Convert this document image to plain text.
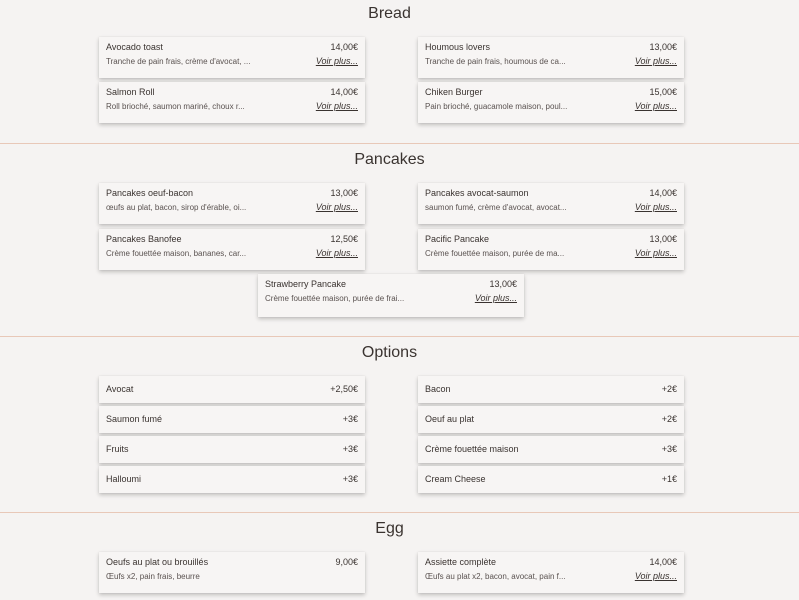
Bread
Avocado toast	14,00€
Tranche de pain frais, crème d'avocat, ...	Voir plus...
Houmous lovers	13,00€
Tranche de pain frais, houmous de ca...	Voir plus...
Salmon Roll	14,00€
Roll brioché, saumon mariné, choux r...	Voir plus...
Chiken Burger	15,00€
Pain brioché, guacamole maison, poul...	Voir plus...
Pancakes
Pancakes oeuf-bacon	13,00€
œufs au plat, bacon, sirop d'érable, oi...	Voir plus...
Pancakes avocat-saumon	14,00€
saumon fumé, crème d'avocat, avocat...	Voir plus...
Pancakes Banofee	12,50€
Crème fouettée maison, bananes, car...	Voir plus...
Pacific Pancake	13,00€
Crème fouettée maison, purée de ma...	Voir plus...
Strawberry Pancake	13,00€
Crème fouettée maison, purée de frai...	Voir plus...
Options
Avocat	+2,50€	Bacon	+2€
Saumon fumé	+3€	Oeuf au plat	+2€
Fruits	+3€	Crème fouettée maison	+3€
Halloumi	+3€	Cream Cheese	+1€
Egg
Oeufs au plat ou brouillés	9,00€
Œufs x2, pain frais, beurre
Assiette complète	14,00€
Œufs au plat x2, bacon, avocat, pain f...	Voir plus...
